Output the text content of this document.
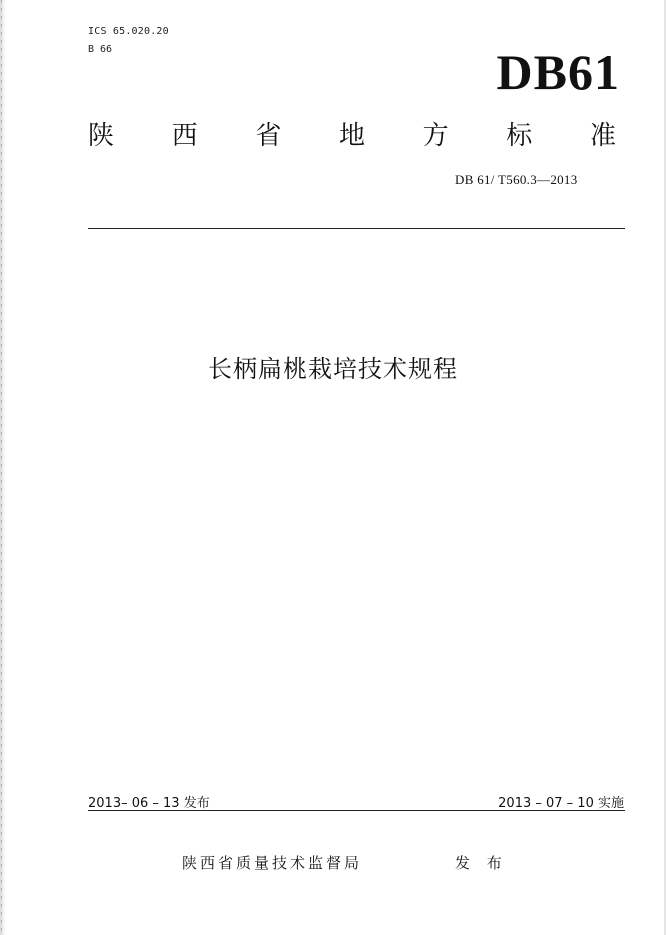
ICS 65.020.20
B 66	DB61
陕 西 省 地 方 标 准
DB 61/ T560.3—2013
长柄扁桃栽培技术规程
2013– 06 – 13 发布	2013 – 07 – 10 实施
陕西省质量技术监督局	发 布
